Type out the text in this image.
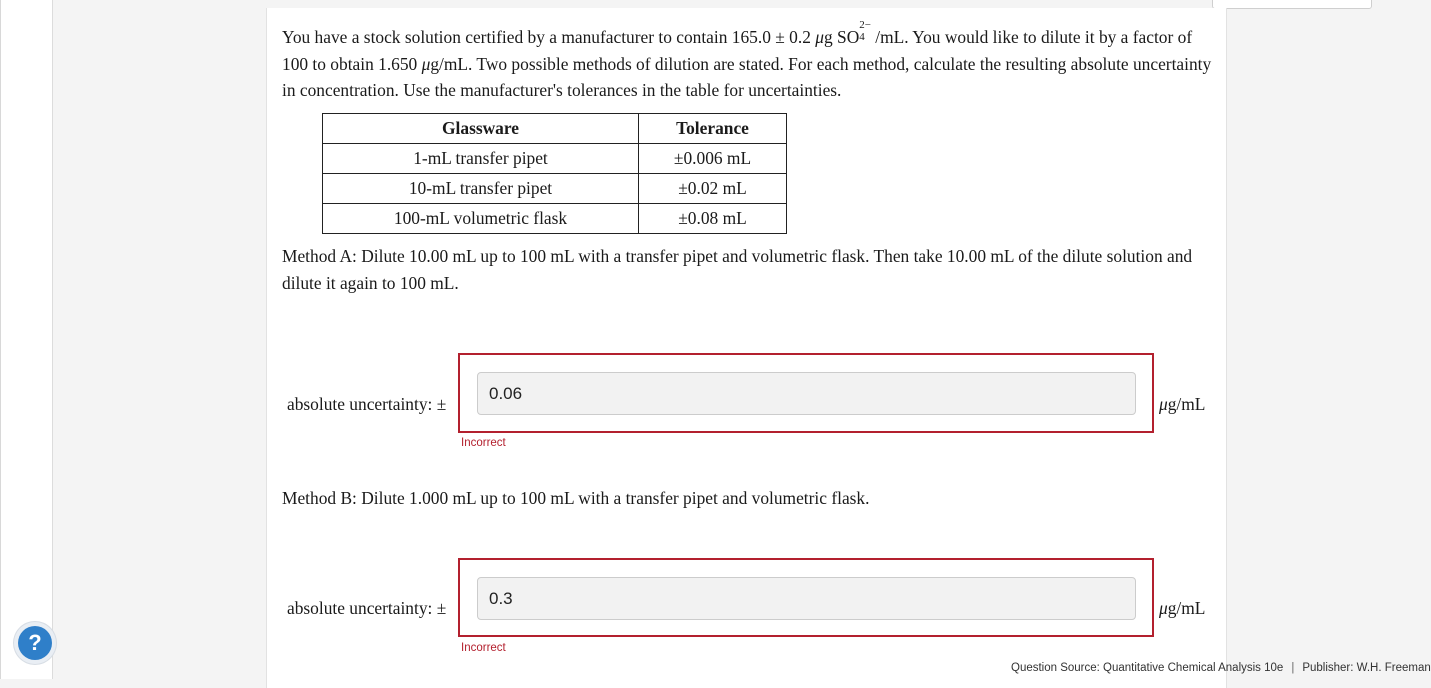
You have a stock solution certified by a manufacturer to contain 165.0 ± 0.2 μg SO
2−
4 /mL. You would like to dilute it by a factor of 100 to obtain 1.650 μg/mL. Two possible methods of dilution are stated. For each method, calculate the resulting absolute uncertainty in concentration. Use the manufacturer's tolerances in the table for uncertainties.
Glassware	Tolerance
1-mL transfer pipet	±0.006 mL
10-mL transfer pipet	±0.02 mL
100-mL volumetric flask	±0.08 mL
Method A: Dilute 10.00 mL up to 100 mL with a transfer pipet and volumetric flask. Then take 10.00 mL of the dilute solution and dilute it again to 100 mL.
absolute uncertainty: ±
0.06
μg/mL
Incorrect
Method B: Dilute 1.000 mL up to 100 mL with a transfer pipet and volumetric flask.
absolute uncertainty: ±	0.3	μg/mL
Incorrect
?
Question Source: Quantitative Chemical Analysis 10e | Publisher: W.H. Freeman
